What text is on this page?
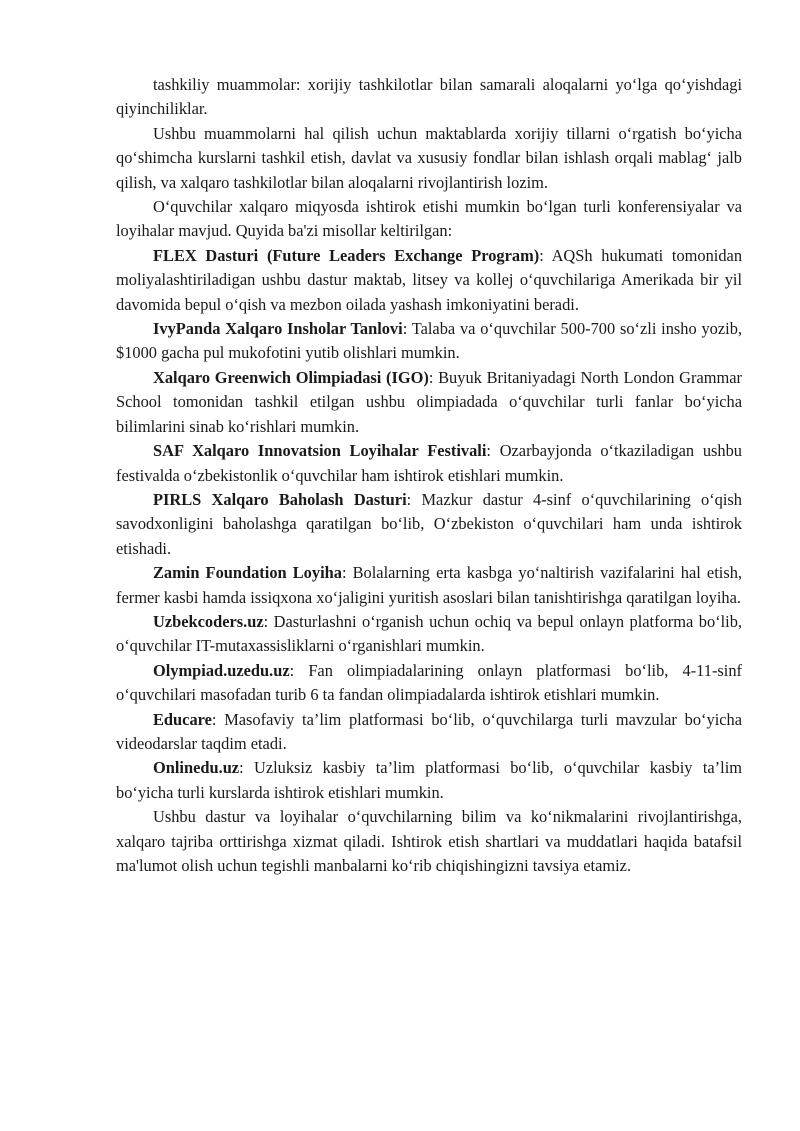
tashkiliy muammolar: xorijiy tashkilotlar bilan samarali aloqalarni yo‘lga qo‘yishdagi qiyinchiliklar.

Ushbu muammolarni hal qilish uchun maktablarda xorijiy tillarni o‘rgatish bo‘yicha qo‘shimcha kurslarni tashkil etish, davlat va xususiy fondlar bilan ishlash orqali mablag‘ jalb qilish, va xalqaro tashkilotlar bilan aloqalarni rivojlantirish lozim.

O‘quvchilar xalqaro miqyosda ishtirok etishi mumkin bo‘lgan turli konferensiyalar va loyihalar mavjud. Quyida ba'zi misollar keltirilgan:

FLEX Dasturi (Future Leaders Exchange Program): AQSh hukumati tomonidan moliyalashtiriladigan ushbu dastur maktab, litsey va kollej o‘quvchilariga Amerikada bir yil davomida bepul o‘qish va mezbon oilada yashash imkoniyatini beradi.

IvyPanda Xalqaro Insholar Tanlovi: Talaba va o‘quvchilar 500-700 so‘zli insho yozib, $1000 gacha pul mukofotini yutib olishlari mumkin.

Xalqaro Greenwich Olimpiadasi (IGO): Buyuk Britaniyadagi North London Grammar School tomonidan tashkil etilgan ushbu olimpiadada o‘quvchilar turli fanlar bo‘yicha bilimlarini sinab ko‘rishlari mumkin.

SAF Xalqaro Innovatsion Loyihalar Festivali: Ozarbayjonda o‘tkaziladigan ushbu festivalda o‘zbekistonlik o‘quvchilar ham ishtirok etishlari mumkin.

PIRLS Xalqaro Baholash Dasturi: Mazkur dastur 4-sinf o‘quvchilarining o‘qish savodxonligini baholashga qaratilgan bo‘lib, O‘zbekiston o‘quvchilari ham unda ishtirok etishadi.

Zamin Foundation Loyiha: Bolalarning erta kasbga yo‘naltirish vazifalarini hal etish, fermer kasbi hamda issiqxona xo‘jaligini yuritish asoslari bilan tanishtirishga qaratilgan loyiha.

Uzbekcoders.uz: Dasturlashni o‘rganish uchun ochiq va bepul onlayn platforma bo‘lib, o‘quvchilar IT-mutaxassisliklarni o‘rganishlari mumkin.

Olympiad.uzedu.uz: Fan olimpiadalarining onlayn platformasi bo‘lib, 4-11-sinf o‘quvchilari masofadan turib 6 ta fandan olimpiadalarda ishtirok etishlari mumkin.

Educare: Masofaviy ta’lim platformasi bo‘lib, o‘quvchilarga turli mavzular bo‘yicha videodarslar taqdim etadi.

Onlinedu.uz: Uzluksiz kasbiy ta’lim platformasi bo‘lib, o‘quvchilar kasbiy ta’lim bo‘yicha turli kurslarda ishtirok etishlari mumkin.

Ushbu dastur va loyihalar o‘quvchilarning bilim va ko‘nikmalarini rivojlantirishga, xalqaro tajriba orttirishga xizmat qiladi. Ishtirok etish shartlari va muddatlari haqida batafsil ma'lumot olish uchun tegishli manbalarni ko‘rib chiqishingizni tavsiya etamiz.
